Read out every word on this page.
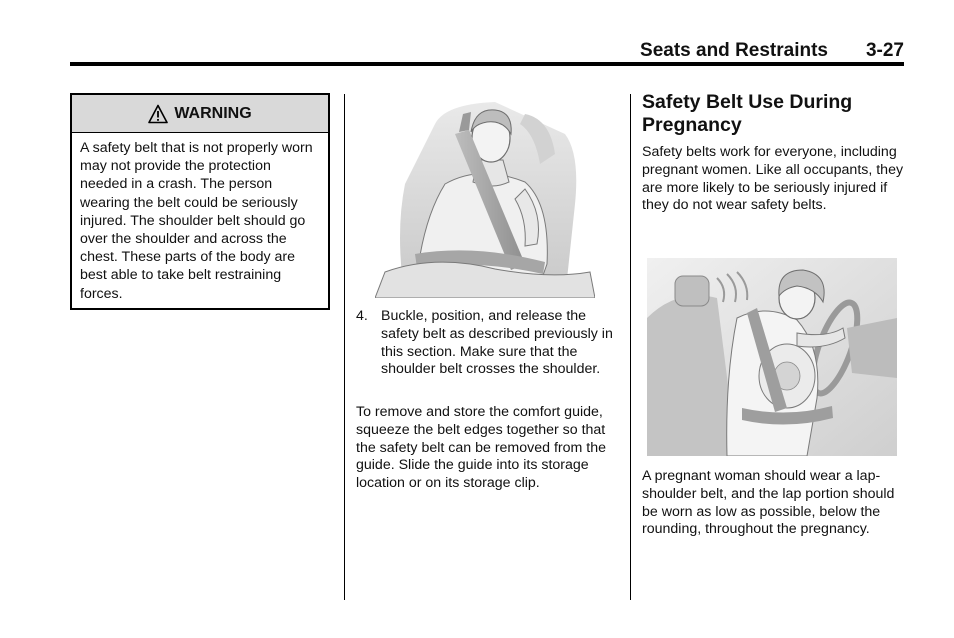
Seats and Restraints 3-27
WARNING
A safety belt that is not properly worn may not provide the protection needed in a crash. The person wearing the belt could be seriously injured. The shoulder belt should go over the shoulder and across the chest. These parts of the body are best able to take belt restraining forces.
4. Buckle, position, and release the safety belt as described previously in this section. Make sure that the shoulder belt crosses the shoulder.
To remove and store the comfort guide, squeeze the belt edges together so that the safety belt can be removed from the guide. Slide the guide into its storage location or on its storage clip.
Safety Belt Use During Pregnancy
Safety belts work for everyone, including pregnant women. Like all occupants, they are more likely to be seriously injured if they do not wear safety belts.
A pregnant woman should wear a lap-shoulder belt, and the lap portion should be worn as low as possible, below the rounding, throughout the pregnancy.
